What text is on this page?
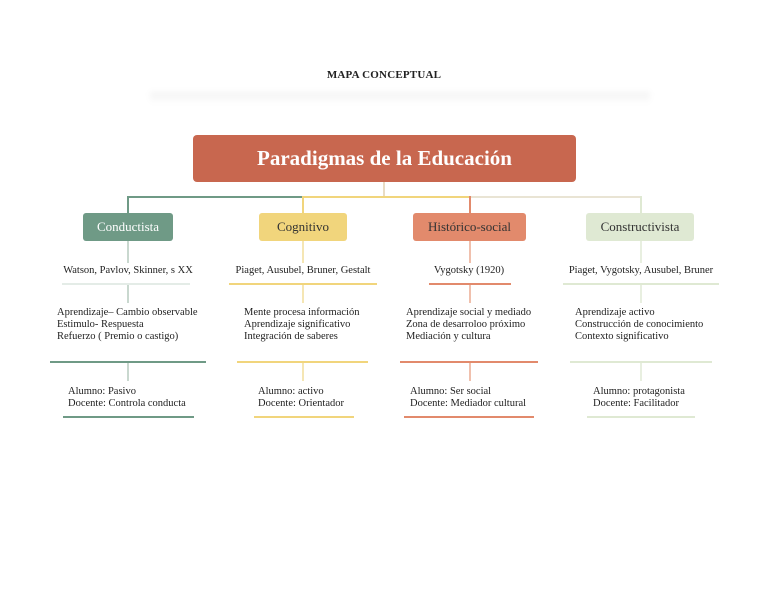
MAPA CONCEPTUAL
Paradigmas de la Educación
Conductista
Watson, Pavlov, Skinner, s XX
Aprendizaje– Cambio observable
Estimulo- Respuesta
Refuerzo ( Premio o castigo)
Alumno: Pasivo
Docente: Controla conducta
Cognitivo
Piaget, Ausubel, Bruner, Gestalt
Mente procesa información
Aprendizaje significativo
Integración de saberes
Alumno: activo
Docente: Orientador
Histórico-social
Vygotsky (1920)
Aprendizaje social y mediado
Zona de desarroloo próximo
Mediación y cultura
Alumno: Ser social
Docente: Mediador cultural
Constructivista
Piaget, Vygotsky, Ausubel, Bruner
Aprendizaje activo
Construcción de conocimiento
Contexto significativo
Alumno: protagonista
Docente: Facilitador
